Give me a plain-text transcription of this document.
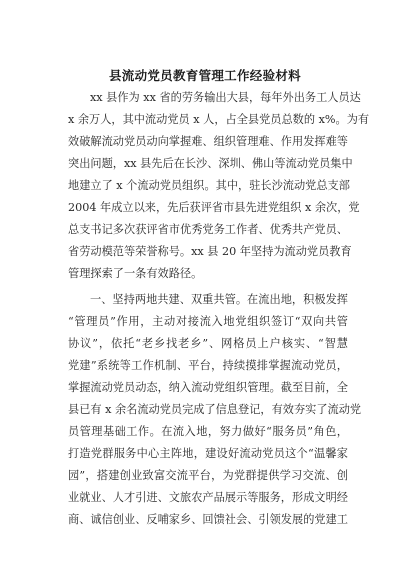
县流动党员教育管理工作经验材料
xx 县作为 xx 省的劳务输出大县，每年外出务工人员达
x 余万人，其中流动党员 x 人，占全县党员总数的 x%。为有
效破解流动党员动向掌握难、组织管理难、作用发挥难等
突出问题，xx 县先后在长沙、深圳、佛山等流动党员集中
地建立了 x 个流动党员组织。其中，驻长沙流动党总支部
2004 年成立以来，先后获评省市县先进党组织 x 余次，党
总支书记多次获评省市优秀党务工作者、优秀共产党员、
省劳动模范等荣誉称号。xx 县 20 年坚持为流动党员教育
管理探索了一条有效路径。
一、坚持两地共建、双重共管。在流出地，积极发挥
“管理员”作用，主动对接流入地党组织签订“双向共管
协议”，依托“老乡找老乡”、网格员上户核实、“智慧
党建”系统等工作机制、平台，持续摸排掌握流动党员，
掌握流动党员动态，纳入流动党组织管理。截至目前，全
县已有 x 余名流动党员完成了信息登记，有效夯实了流动党
员管理基础工作。在流入地，努力做好“服务员”角色，
打造党群服务中心主阵地，建设好流动党员这个“温馨家
园”，搭建创业致富交流平台，为党群提供学习交流、创
业就业、人才引进、文旅农产品展示等服务，形成文明经
商、诚信创业、反哺家乡、回馈社会、引领发展的党建工
